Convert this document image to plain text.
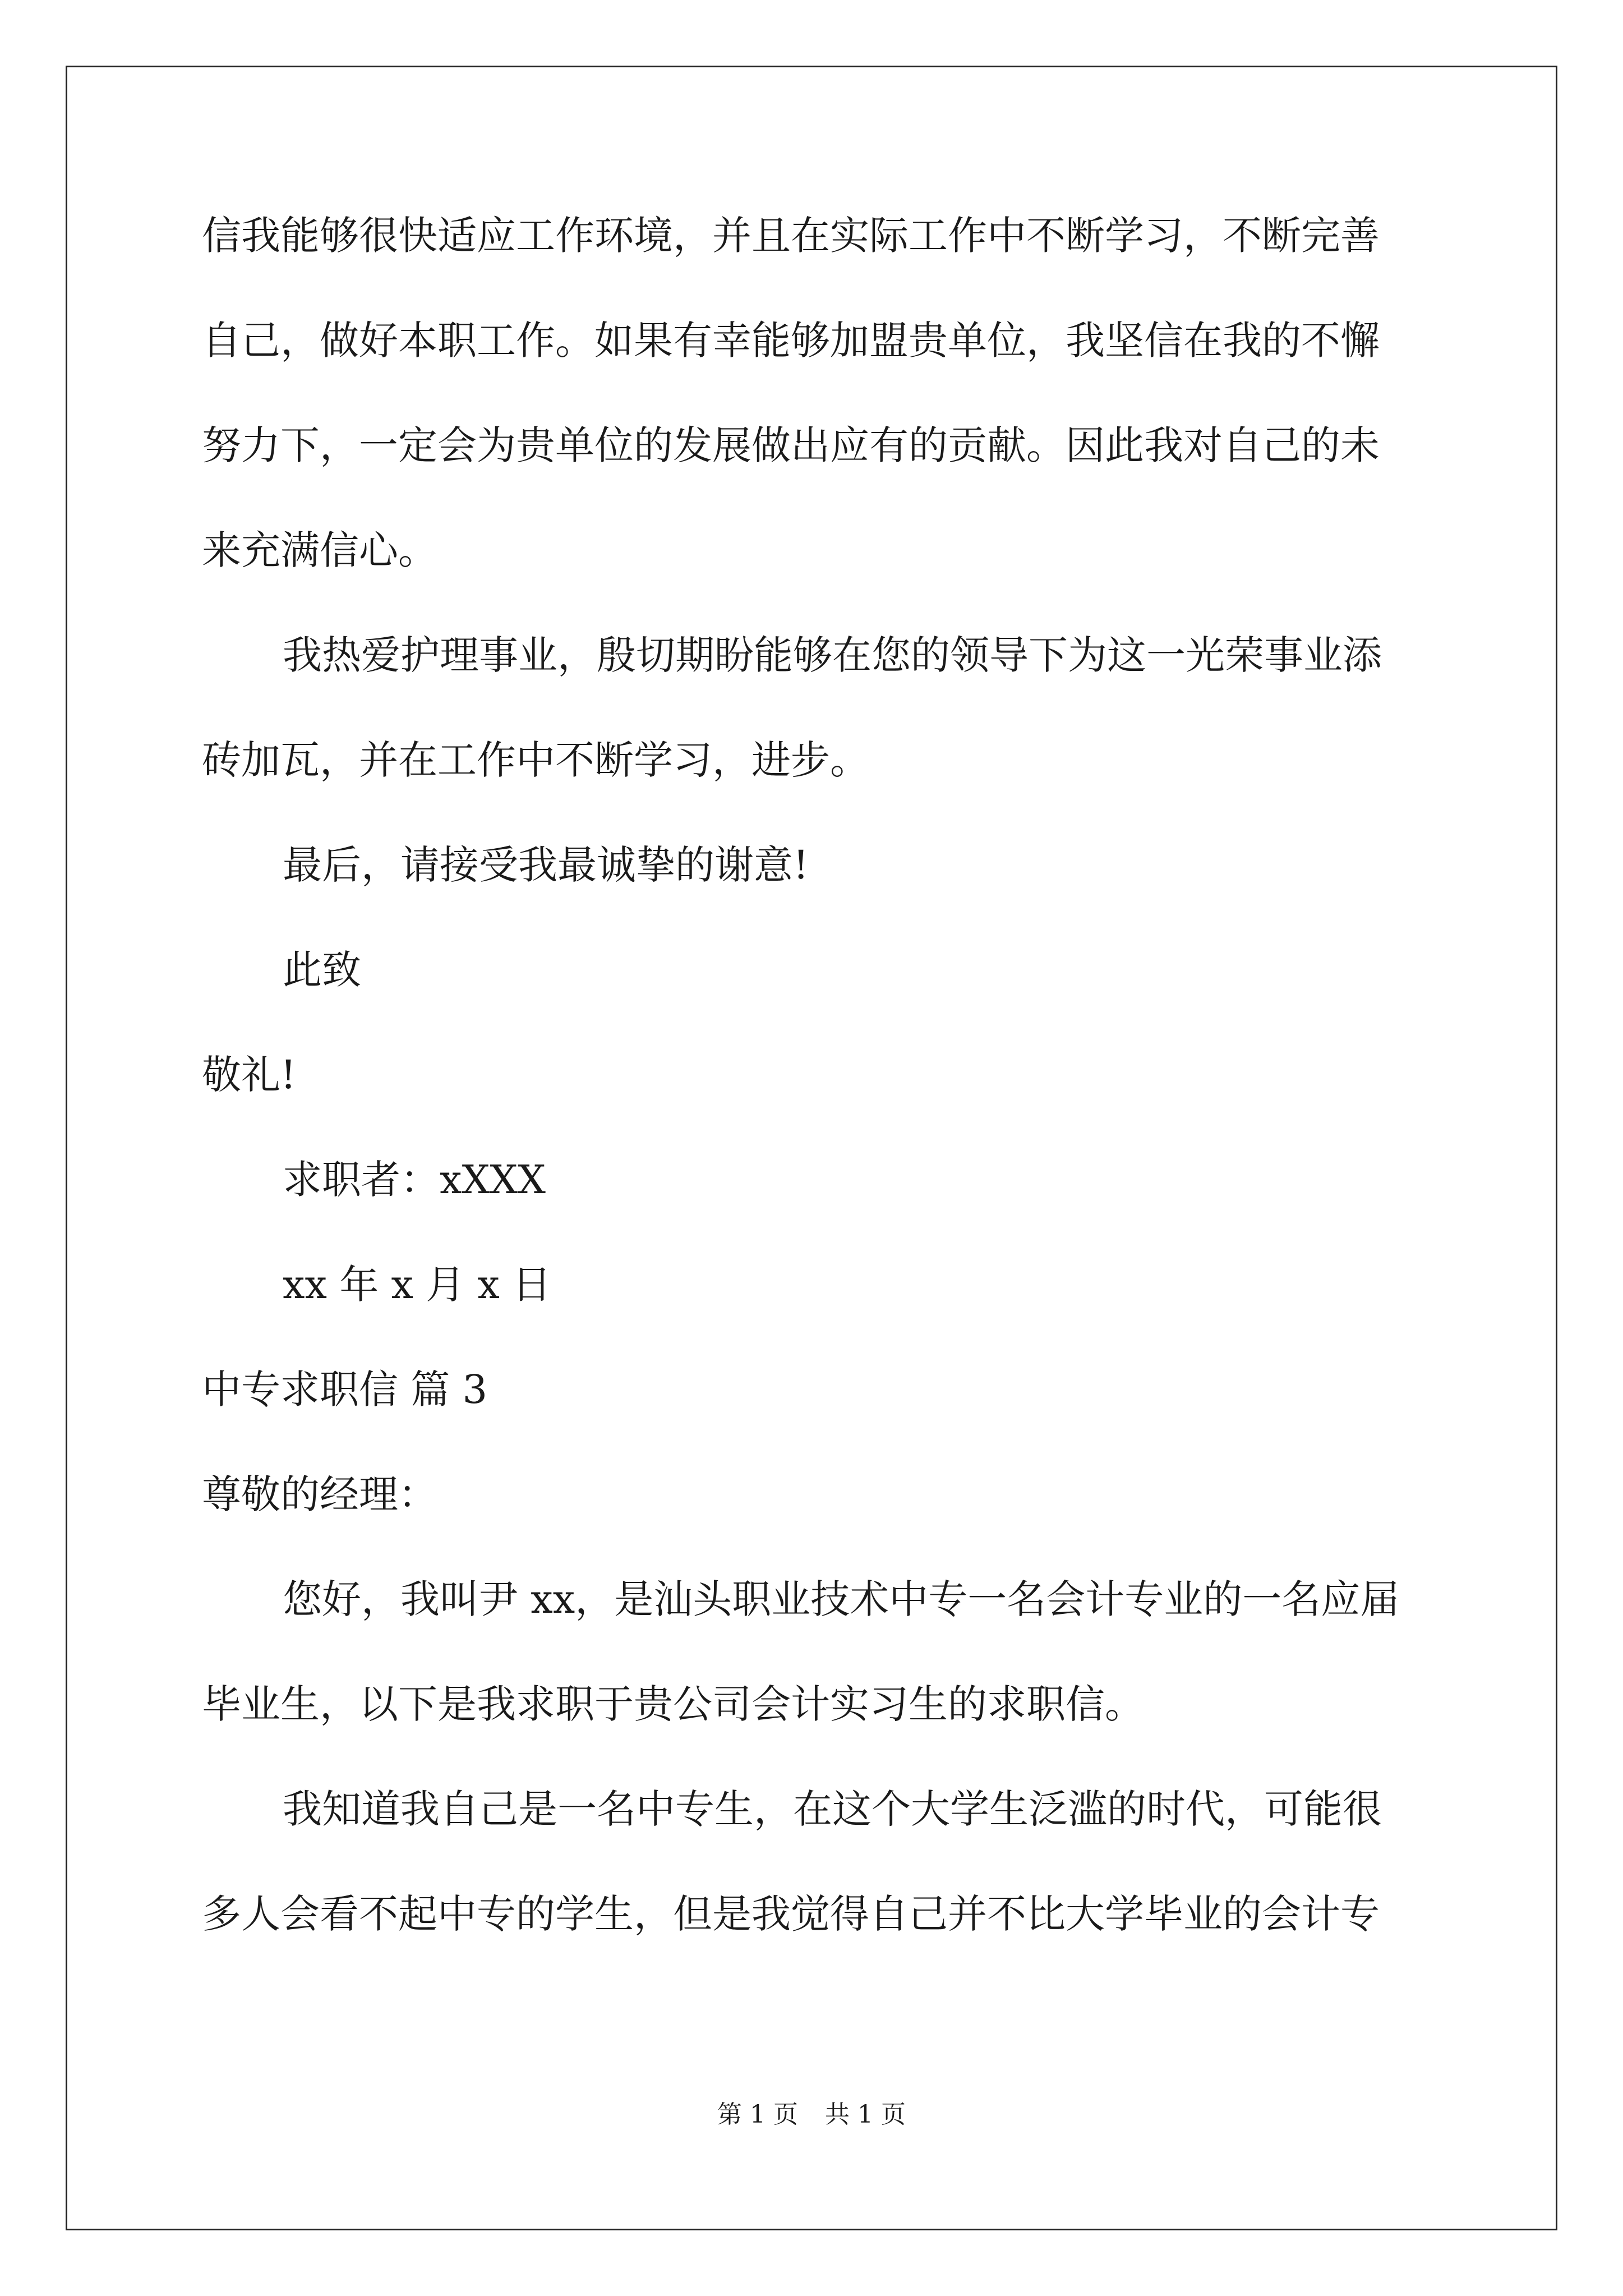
信我能够很快适应工作环境，并且在实际工作中不断学习，不断完善
自己，做好本职工作。如果有幸能够加盟贵单位，我坚信在我的不懈
努力下，一定会为贵单位的发展做出应有的贡献。因此我对自己的未
来充满信心。
我热爱护理事业，殷切期盼能够在您的领导下为这一光荣事业添
砖加瓦，并在工作中不断学习，进步。
最后，请接受我最诚挚的谢意!
此致
敬礼!
求职者：xXXX
xx 年 x 月 x 日
中专求职信 篇 3
尊敬的经理：
您好，我叫尹 xx，是汕头职业技术中专一名会计专业的一名应届
毕业生，以下是我求职于贵公司会计实习生的求职信。
我知道我自己是一名中专生，在这个大学生泛滥的时代，可能很
多人会看不起中专的学生，但是我觉得自己并不比大学毕业的会计专
第 1 页 共 1 页
